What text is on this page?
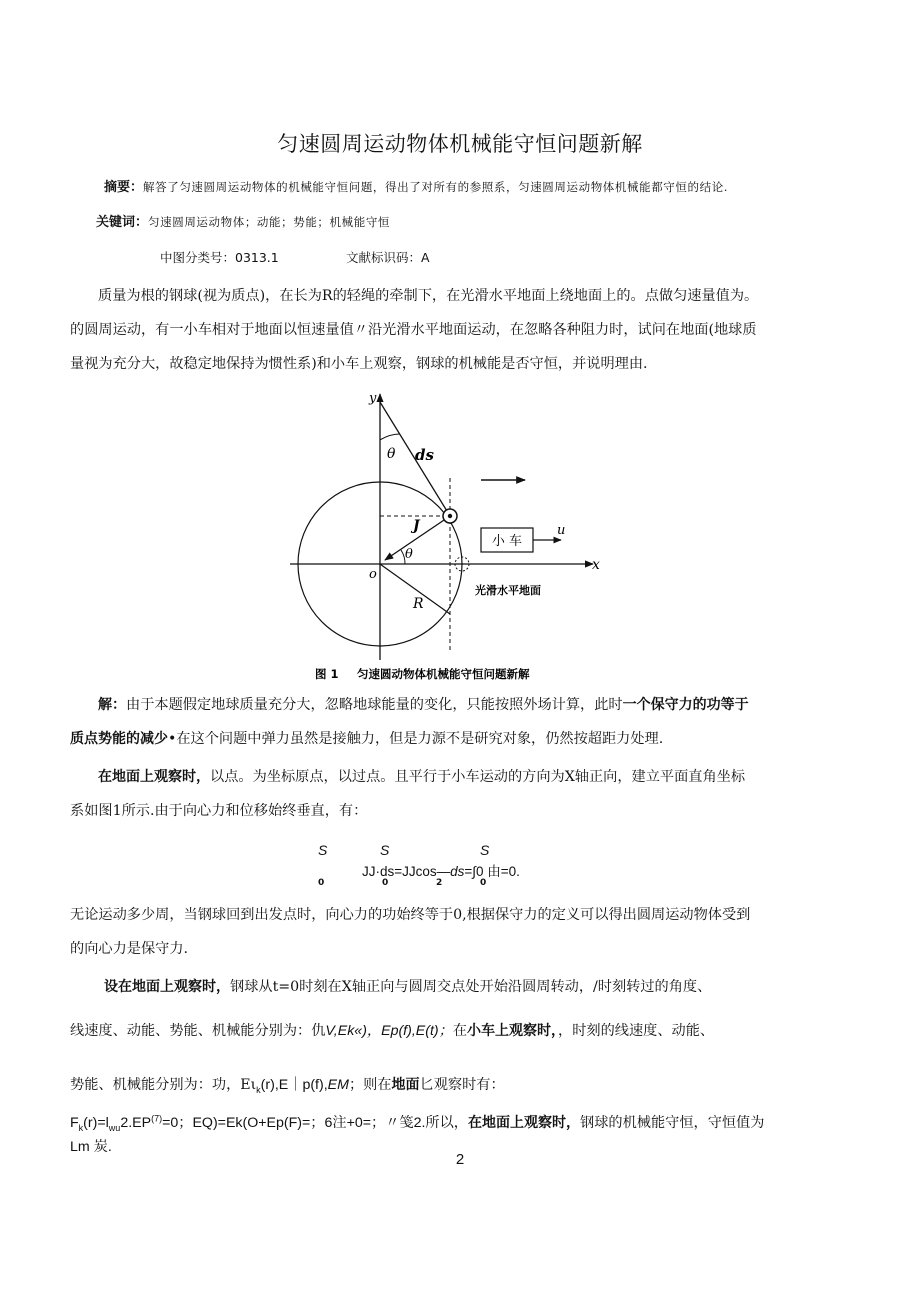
匀速圆周运动物体机械能守恒问题新解
摘要：解答了匀速圆周运动物体的机械能守恒问题，得出了对所有的参照系，匀速圆周运动物体机械能都守恒的结论.
关键词：匀速圆周运动物体；动能；势能；机械能守恒
中图分类号：0313.1	文献标识码：A
质量为根的钢球(视为质点)，在长为R的轻绳的牵制下，在光滑水平地面上绕地面上的。点做匀速量值为。
的圆周运动，有一小车相对于地面以恒速量值〃沿光滑水平地面运动，在忽略各种阻力时，试问在地面(地球质
量视为充分大，故稳定地保持为惯性系)和小车上观察，钢球的机械能是否守恒，并说明理由.
小 车
y
x
o
θ
θ
ds
J
R
u
光滑水平地面
图 1 匀速圆动物体机械能守恒问题新解
解：由于本题假定地球质量充分大，忽略地球能量的变化，只能按照外场计算，此时一个保守力的功等于
质点势能的减少•在这个问题中弹力虽然是接触力，但是力源不是研究对象，仍然按超距力处理.
在地面上观察时，以点。为坐标原点，以过点。且平行于小车运动的方向为X轴正向，建立平面直角坐标
系如图1所示.由于向心力和位移始终垂直，有：
S	S	S
JJ·ds=JJcos—ds=∫0 由=0.
0	0	2	0
无论运动多少周，当钢球回到出发点时，向心力的功始终等于0,根据保守力的定义可以得出圆周运动物体受到
的向心力是保守力.
设在地面上观察时，钢球从t=0时刻在X轴正向与圆周交点处开始沿圆周转动，/时刻转过的角度、
线速度、动能、势能、机械能分别为：仇V,Ek«)，Ep(f),E(t)；在小车上观察时，，时刻的线速度、动能、
势能、机械能分别为：功，$E\iota_k(r),E|p(f),EM$；则在地面匕观察时有：
$F_k(r)=l_{wu}2.EP^{(7)}=0$；EQ)=Ek(O+Ep(F)=；6注+0=；〃笺2.所以，在地面上观察时，钢球的机械能守恒，守恒值为
Lm 炭.
2
